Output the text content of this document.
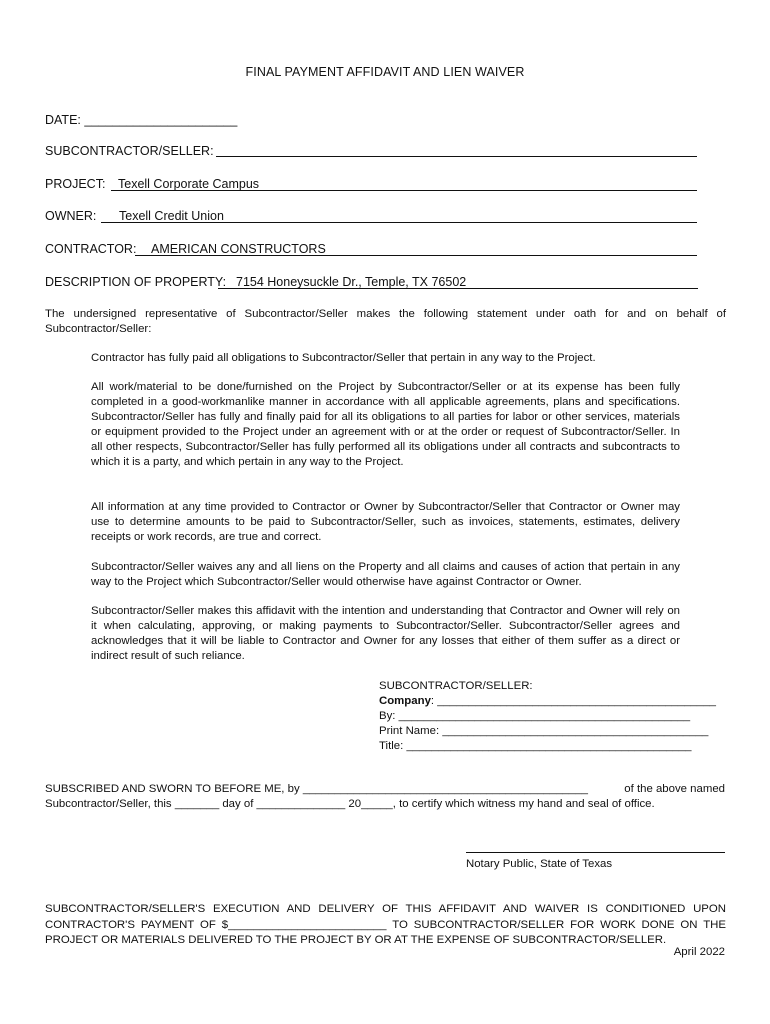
FINAL PAYMENT AFFIDAVIT AND LIEN WAIVER
DATE: ______________________
SUBCONTRACTOR/SELLER:
PROJECT: Texell Corporate Campus
OWNER: Texell Credit Union
CONTRACTOR: AMERICAN CONSTRUCTORS
DESCRIPTION OF PROPERTY: 7154 Honeysuckle Dr., Temple, TX 76502
The undersigned representative of Subcontractor/Seller makes the following statement under oath for and on behalf of Subcontractor/Seller:
Contractor has fully paid all obligations to Subcontractor/Seller that pertain in any way to the Project.
All work/material to be done/furnished on the Project by Subcontractor/Seller or at its expense has been fully completed in a good-workmanlike manner in accordance with all applicable agreements, plans and specifications. Subcontractor/Seller has fully and finally paid for all its obligations to all parties for labor or other services, materials or equipment provided to the Project under an agreement with or at the order or request of Subcontractor/Seller. In all other respects, Subcontractor/Seller has fully performed all its obligations under all contracts and subcontracts to which it is a party, and which pertain in any way to the Project.
All information at any time provided to Contractor or Owner by Subcontractor/Seller that Contractor or Owner may use to determine amounts to be paid to Subcontractor/Seller, such as invoices, statements, estimates, delivery receipts or work records, are true and correct.
Subcontractor/Seller waives any and all liens on the Property and all claims and causes of action that pertain in any way to the Project which Subcontractor/Seller would otherwise have against Contractor or Owner.
Subcontractor/Seller makes this affidavit with the intention and understanding that Contractor and Owner will rely on it when calculating, approving, or making payments to Subcontractor/Seller. Subcontractor/Seller agrees and acknowledges that it will be liable to Contractor and Owner for any losses that either of them suffer as a direct or indirect result of such reliance.
SUBCONTRACTOR/SELLER:
Company: ____________________________________________
By: ______________________________________________
Print Name: __________________________________________
Title: _____________________________________________
SUBSCRIBED AND SWORN TO BEFORE ME, by _____________________________________________	of the above named
Subcontractor/Seller, this _______ day of ______________ 20_____, to certify which witness my hand and seal of office.
Notary Public, State of Texas
SUBCONTRACTOR/SELLER'S EXECUTION AND DELIVERY OF THIS AFFIDAVIT AND WAIVER IS CONDITIONED UPON CONTRACTOR'S PAYMENT OF $_________________________ TO SUBCONTRACTOR/SELLER FOR WORK DONE ON THE PROJECT OR MATERIALS DELIVERED TO THE PROJECT BY OR AT THE EXPENSE OF SUBCONTRACTOR/SELLER.
April 2022
